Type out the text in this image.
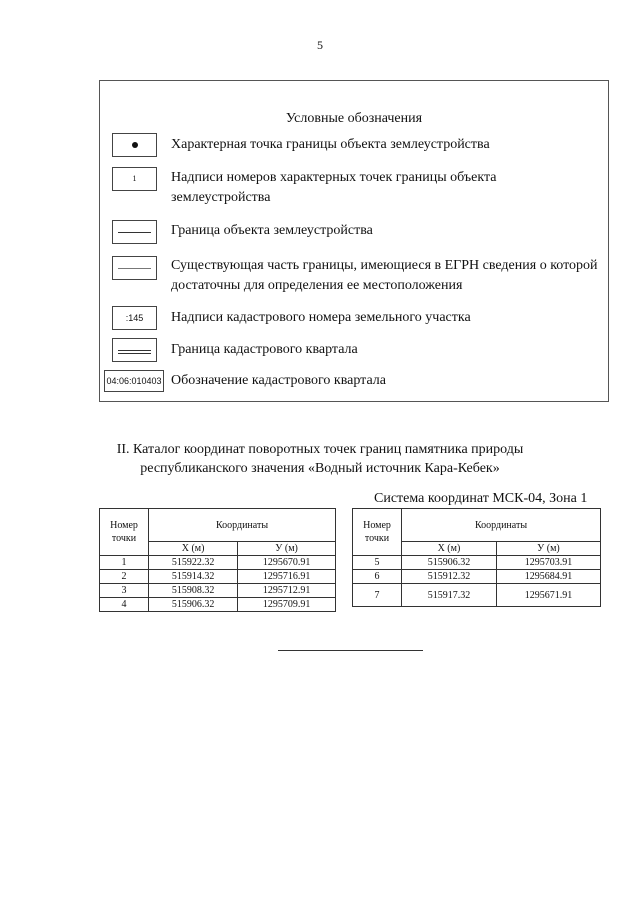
5
Условные обозначения
Характерная точка границы объекта землеустройства
1 Надписи номеров характерных точек границы объекта землеустройства
Граница объекта землеустройства
Существующая часть границы, имеющиеся в ЕГРН сведения о которой достаточны для определения ее местоположения
:145	Надписи кадастрового номера земельного участка
Граница кадастрового квартала
04:06:010403 Обозначение кадастрового квартала
II. Каталог координат поворотных точек границ памятника природы
республиканского значения «Водный источник Кара-Кебек»
Система координат МСК-04, Зона 1
Номер точки	Координаты	
	X (м)	У (м)
1	515922.32	1295670.91
2	515914.32	1295716.91
3	515908.32	1295712.91
4	515906.32	1295709.91
Номер точки	Координаты	
	X (м)	У (м)
5	515906.32	1295703.91
6	515912.32	1295684.91
7	515917.32	1295671.91
